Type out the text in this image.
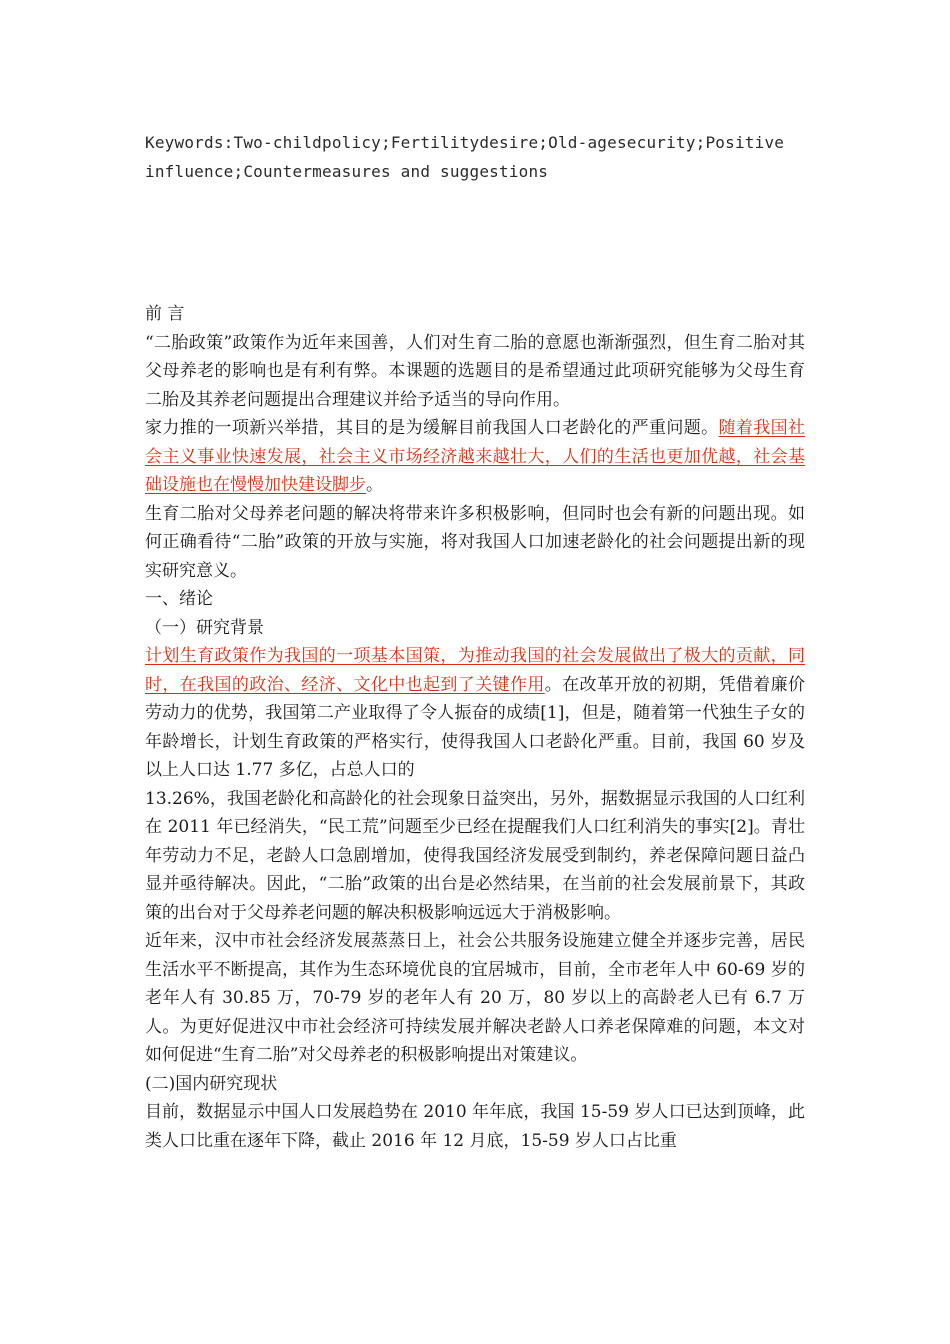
Keywords:Two-childpolicy;Fertilitydesire;Old-agesecurity;Positive
influence;Countermeasures and suggestions

前 言

“二胎政策”政策作为近年来国善，人们对生育二胎的意愿也渐渐强烈，但生育二胎对其父母养老的影响也是有利有弊。本课题的选题目的是希望通过此项研究能够为父母生育二胎及其养老问题提出合理建议并给予适当的导向作用。

家力推的一项新兴举措，其目的是为缓解目前我国人口老龄化的严重问题。随着我国社会主义事业快速发展，社会主义市场经济越来越壮大，人们的生活也更加优越，社会基础设施也在慢慢加快建设脚步。

生育二胎对父母养老问题的解决将带来许多积极影响，但同时也会有新的问题出现。如何正确看待“二胎”政策的开放与实施，将对我国人口加速老龄化的社会问题提出新的现实研究意义。

一、绪论

（一）研究背景

计划生育政策作为我国的一项基本国策，为推动我国的社会发展做出了极大的贡献，同时，在我国的政治、经济、文化中也起到了关键作用。在改革开放的初期，凭借着廉价劳动力的优势，我国第二产业取得了令人振奋的成绩[1]，但是，随着第一代独生子女的年龄增长，计划生育政策的严格实行，使得我国人口老龄化严重。目前，我国 60 岁及以上人口达 1.77 多亿，占总人口的

13.26%，我国老龄化和高龄化的社会现象日益突出，另外，据数据显示我国的人口红利在 2011 年已经消失，“民工荒”问题至少已经在提醒我们人口红利消失的事实[2]。青壮年劳动力不足，老龄人口急剧增加，使得我国经济发展受到制约，养老保障问题日益凸显并亟待解决。因此，“二胎”政策的出台是必然结果，在当前的社会发展前景下，其政策的出台对于父母养老问题的解决积极影响远远大于消极影响。

近年来，汉中市社会经济发展蒸蒸日上，社会公共服务设施建立健全并逐步完善，居民生活水平不断提高，其作为生态环境优良的宜居城市，目前，全市老年人中 60-69 岁的老年人有 30.85 万，70-79 岁的老年人有 20 万，80 岁以上的高龄老人已有 6.7 万人。为更好促进汉中市社会经济可持续发展并解决老龄人口养老保障难的问题，本文对如何促进“生育二胎”对父母养老的积极影响提出对策建议。

(二)国内研究现状

目前，数据显示中国人口发展趋势在 2010 年年底，我国 15-59 岁人口已达到顶峰，此类人口比重在逐年下降，截止 2016 年 12 月底，15-59 岁人口占比重
